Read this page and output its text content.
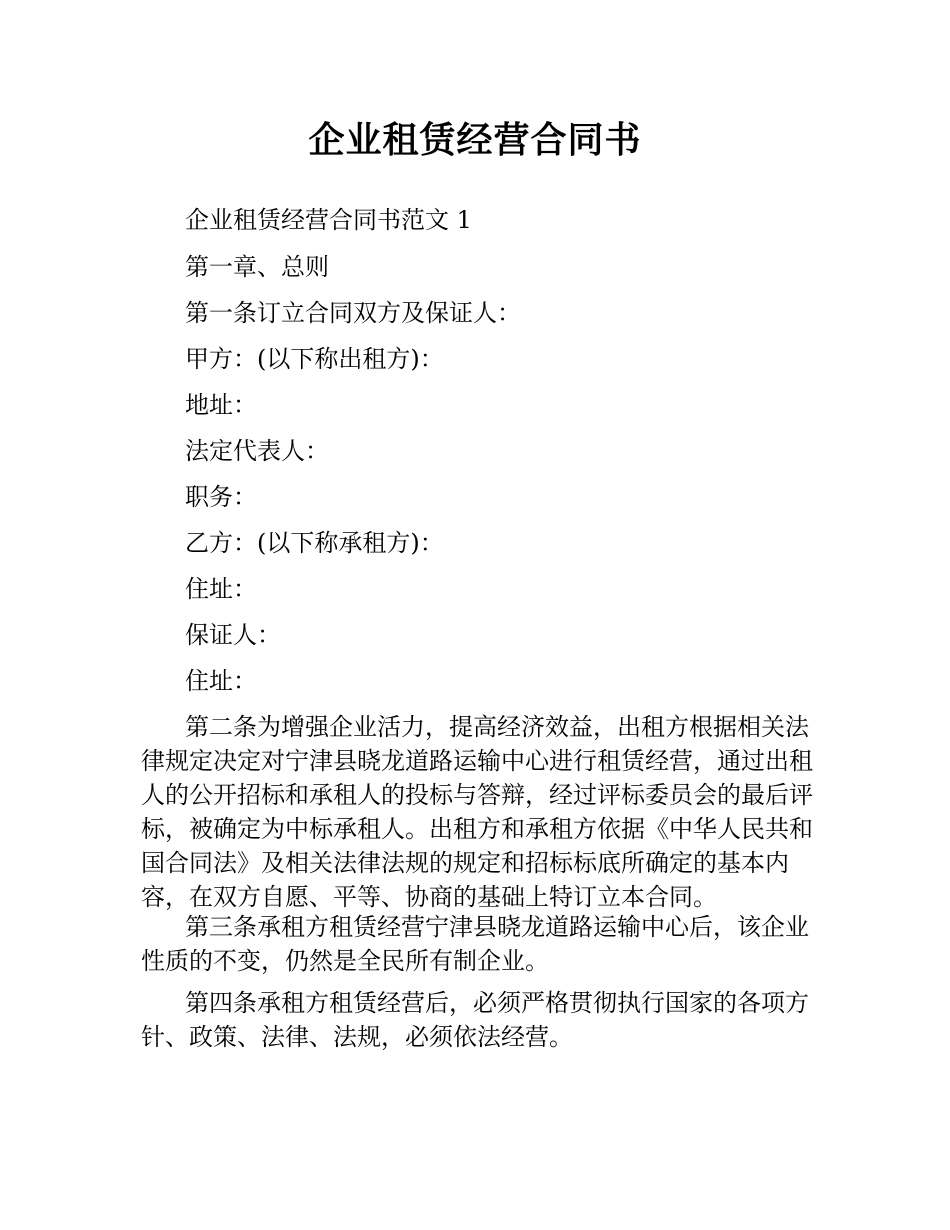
企业租赁经营合同书

企业租赁经营合同书范文 1

第一章、总则

第一条订立合同双方及保证人：

甲方：(以下称出租方)：

地址：

法定代表人：

职务：

乙方：(以下称承租方)：

住址：

保证人：

住址：

第二条为增强企业活力，提高经济效益，出租方根据相关法律规定决定对宁津县晓龙道路运输中心进行租赁经营，通过出租人的公开招标和承租人的投标与答辩，经过评标委员会的最后评标，被确定为中标承租人。出租方和承租方依据《中华人民共和国合同法》及相关法律法规的规定和招标标底所确定的基本内容，在双方自愿、平等、协商的基础上特订立本合同。

第三条承租方租赁经营宁津县晓龙道路运输中心后，该企业性质的不变，仍然是全民所有制企业。

第四条承租方租赁经营后，必须严格贯彻执行国家的各项方针、政策、法律、法规，必须依法经营。
